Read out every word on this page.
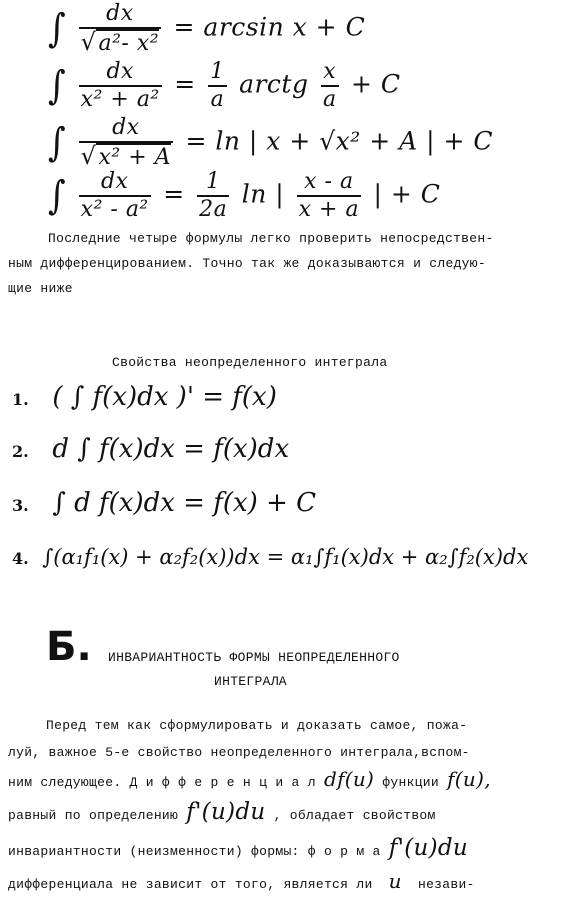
∫ $\frac{dx}{\text{√a²- x²}} = \arcsin x + C$
∫ $\frac{dx}{\text{x² + a²}} = \frac{1}{a}$ arctg $\frac{x}{a} + C$
∫ $\frac{dx}{\text{√x² + A}} = \ln$ | x + √x² + A | + C
∫ $\frac{dx}{\text{x² - a²}} = \frac{1}{2a}$ ln | $\frac{x - a}{x + a}$ | + C
Последние четыре формулы легко проверить непосредствен-
ным дифференцированием. Точно так же доказываются и следую-
щие ниже
Свойства неопределенного интеграла
1. ( ∫ f(x)dx )' = f(x)
2. d ∫ f(x)dx = f(x)dx
3. ∫ d f(x)dx = f(x) + C
4. ∫(α₁f₁(x) + α₂f₂(x))dx = α₁∫f₁(x)dx + α₂∫f₂(x)dx
Б. ИНВАРИАНТНОСТЬ ФОРМЫ НЕОПРЕДЕЛЕННОГО
ИНТЕГРАЛА
Перед тем как сформулировать и доказать самое, пожа-
луй, важное 5-е свойство неопределенного интеграла,вспом-
ним следующее. Д и ф ф е р е н ц и а л df(u) функции f(u),
равный по определению f'(u)du , обладает свойством
инвариантности (неизменности) формы: ф о р м а f'(u)du
дифференциала не зависит от того, является ли u незави-
